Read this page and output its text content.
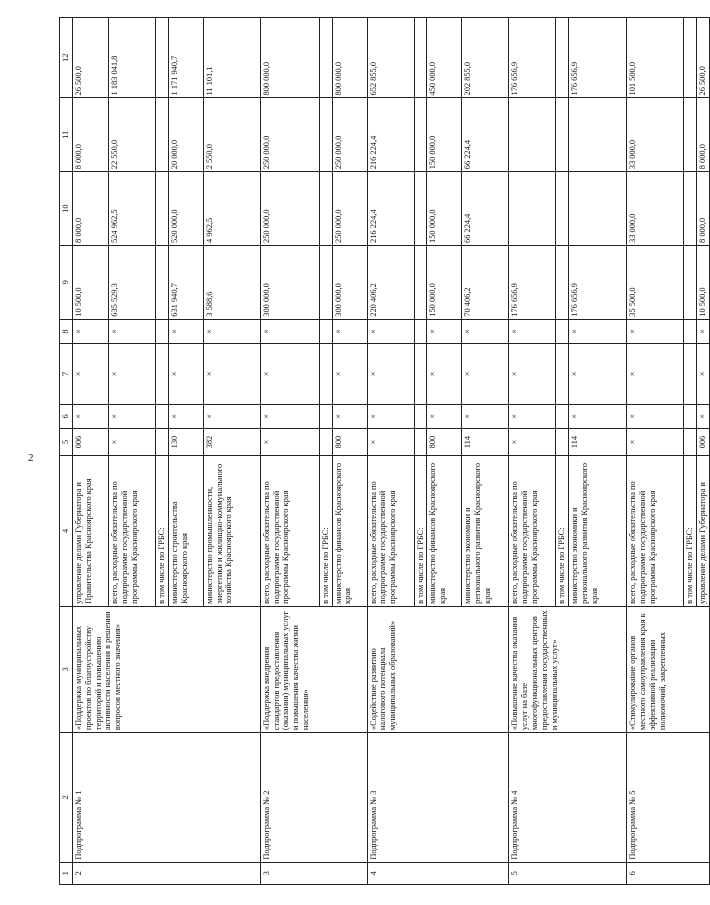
2
1	2	3	4	5	6	7	8	9	10	11	12
2	Подпрограмма № 1	«Поддержка муниципальных проектов по благоустройству территорий и повышению активности населения в решении вопросов местного значения»	управление делами Губернатора и Правительства Красноярского края	006	×	×	×	10 500,0	8 000,0	8 000,0	26 500,0
			всего, расходные обязательства по подпрограмме государственной программы Красноярского края	×	×	×	×	635 529,3	524 962,5	22 550,0	1 183 041,8
			в том числе по ГРБС:								
			министерство строительства Красноярского края	130	×	×	×	631 940,7	520 000,0	20 000,0	1 171 940,7
			министерство промышленности, энергетики и жилищно-коммунального хозяйства Красноярского края	382	×	×	×	3 588,6	4 962,5	2 550,0	11 101,1
3	Подпрограмма № 2	«Поддержка внедрения стандартов предоставления (оказания) муниципальных услуг и повышения качества жизни населения»	всего, расходные обязательства по подпрограмме государственной программы Красноярского края	×	×	×	×	300 000,0	250 000,0	250 000,0	800 000,0
			в том числе по ГРБС:								
			министерство финансов Красноярского края	800	×	×	×	300 000,0	250 000,0	250 000,0	800 000,0
4	Подпрограмма № 3	«Содействие развитию налогового потенциала муниципальных образований»	всего, расходные обязательства по подпрограмме государственной программы Красноярского края	×	×	×	×	220 406,2	216 224,4	216 224,4	652 855,0
			в том числе по ГРБС:								
			министерство финансов Красноярского края	800	×	×	×	150 000,0	150 000,0	150 000,0	450 000,0
			министерство экономики и регионального развития Красноярского края	114	×	×	×	70 406,2	66 224,4	66 224,4	202 855,0
5	Подпрограмма № 4	«Повышение качества оказания услуг на базе многофункциональных центров предоставления государственных и муниципальных услуг»	всего, расходные обязательства по подпрограмме государственной программы Красноярского края	×	×	×	×	176 656,9			176 656,9
			в том числе по ГРБС:								
			министерство экономики и регионального развития Красноярского края	114	×	×	×	176 656,9			176 656,9
6	Подпрограмма № 5	«Стимулирование органов местного самоуправления края к эффективной реализации полномочий, закрепленных	всего, расходные обязательства по подпрограмме государственной программы Красноярского края	×	×	×	×	35 500,0	33 000,0	33 000,0	101 500,0
			в том числе по ГРБС:								
			управление делами Губернатора и	006	×	×	×	10 500,0	8 000,0	8 000,0	26 500,0
